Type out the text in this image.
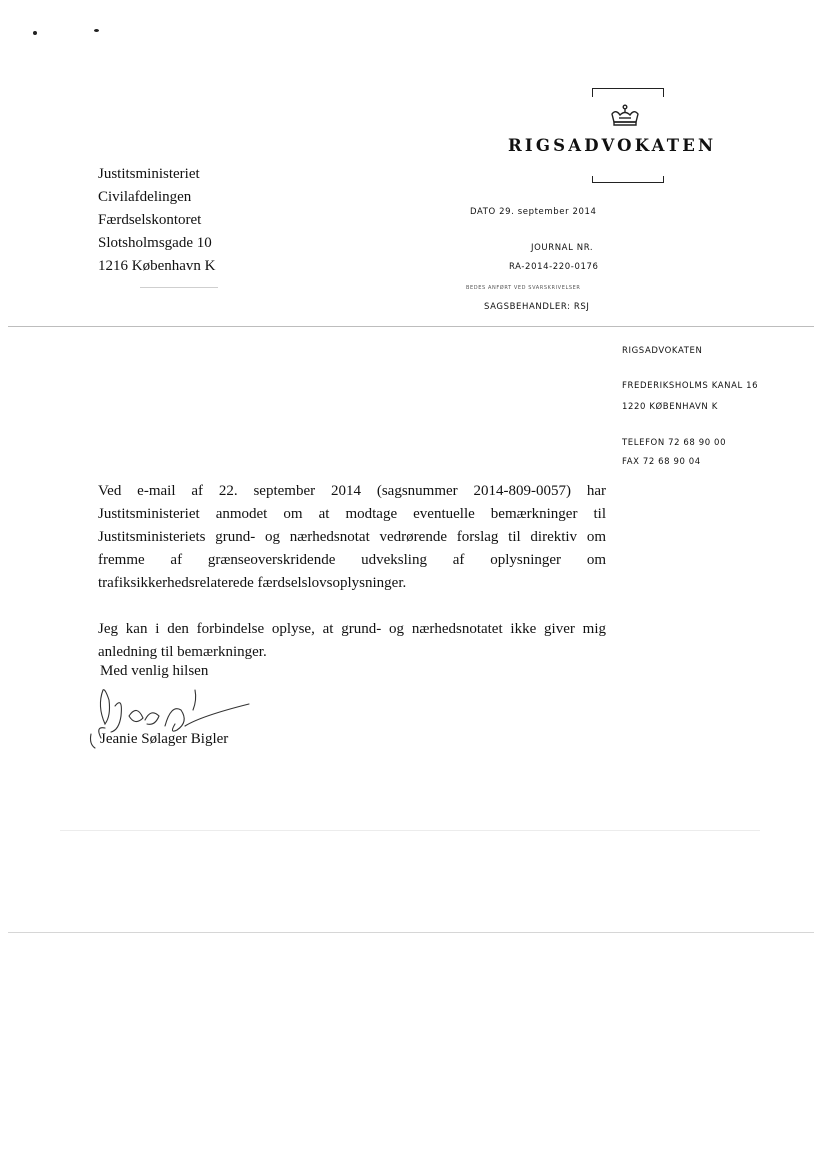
RIGSADVOKATEN
Justitsministeriet
Civilafdelingen
Færdselskontoret
Slotsholmsgade 10
1216 København K
DATO 29. september 2014
JOURNAL NR.
RA-2014-220-0176
BEDES ANFØRT VED SVARSKRIVELSER
SAGSBEHANDLER: RSJ
RIGSADVOKATEN
FREDERIKSHOLMS KANAL 16
1220 KØBENHAVN K
TELEFON 72 68 90 00
FAX 72 68 90 04

Ved e-mail af 22. september 2014 (sagsnummer 2014-809-0057) har Justitsministeriet anmodet om at modtage eventuelle bemærkninger til Justitsministeriets grund- og nærhedsnotat vedrørende forslag til direktiv om fremme af grænseoverskridende udveksling af oplysninger om trafiksikkerhedsrelaterede færdselslovsoplysninger.

Jeg kan i den forbindelse oplyse, at grund- og nærhedsnotatet ikke giver mig anledning til bemærkninger.

Med venlig hilsen
Jeanie Sølager Bigler
